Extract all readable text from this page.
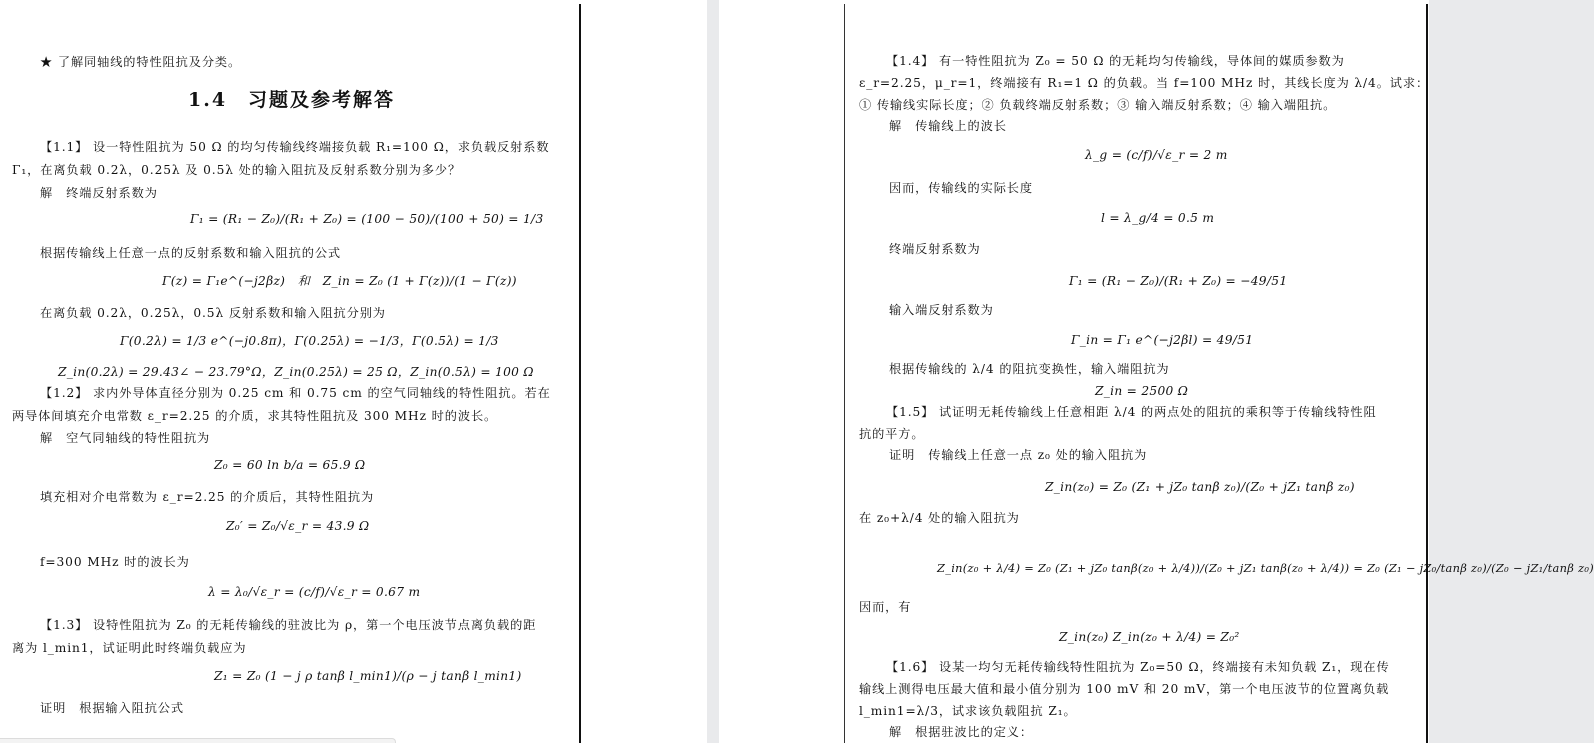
★ 了解同轴线的特性阻抗及分类。
1.4　习题及参考解答
【1.1】 设一特性阻抗为 50 Ω 的均匀传输线终端接负载 R₁=100 Ω，求负载反射系数
Γ₁，在离负载 0.2λ，0.25λ 及 0.5λ 处的输入阻抗及反射系数分别为多少？
解　终端反射系数为
Γ₁ = (R₁ − Z₀)/(R₁ + Z₀) = (100 − 50)/(100 + 50) = 1/3
根据传输线上任意一点的反射系数和输入阻抗的公式
Γ(z) = Γ₁e^(−j2βz)　和　Z_in = Z₀ (1 + Γ(z))/(1 − Γ(z))
在离负载 0.2λ，0.25λ，0.5λ 反射系数和输入阻抗分别为
Γ(0.2λ) = 1/3 e^(−j0.8π)，Γ(0.25λ) = −1/3，Γ(0.5λ) = 1/3
Z_in(0.2λ) = 29.43∠ − 23.79°Ω，Z_in(0.25λ) = 25 Ω，Z_in(0.5λ) = 100 Ω
【1.2】 求内外导体直径分别为 0.25 cm 和 0.75 cm 的空气同轴线的特性阻抗。若在
两导体间填充介电常数 ε_r=2.25 的介质，求其特性阻抗及 300 MHz 时的波长。
解　空气同轴线的特性阻抗为
Z₀ = 60 ln b/a = 65.9 Ω
填充相对介电常数为 ε_r=2.25 的介质后，其特性阻抗为
Z₀′ = Z₀/√ε_r = 43.9 Ω
f=300 MHz 时的波长为
λ = λ₀/√ε_r = (c/f)/√ε_r = 0.67 m
【1.3】 设特性阻抗为 Z₀ 的无耗传输线的驻波比为 ρ，第一个电压波节点离负载的距
离为 l_min1，试证明此时终端负载应为
Z₁ = Z₀ (1 − j ρ tanβ l_min1)/(ρ − j tanβ l_min1)
证明　根据输入阻抗公式
【1.4】 有一特性阻抗为 Z₀ = 50 Ω 的无耗均匀传输线，导体间的媒质参数为
ε_r=2.25，μ_r=1，终端接有 R₁=1 Ω 的负载。当 f=100 MHz 时，其线长度为 λ/4。试求：
① 传输线实际长度；② 负载终端反射系数；③ 输入端反射系数；④ 输入端阻抗。
解　传输线上的波长
λ_g = (c/f)/√ε_r = 2 m
因而，传输线的实际长度
l = λ_g/4 = 0.5 m
终端反射系数为
Γ₁ = (R₁ − Z₀)/(R₁ + Z₀) = −49/51
输入端反射系数为
Γ_in = Γ₁ e^(−j2βl) = 49/51
根据传输线的 λ/4 的阻抗变换性，输入端阻抗为
Z_in = 2500 Ω
【1.5】 试证明无耗传输线上任意相距 λ/4 的两点处的阻抗的乘积等于传输线特性阻
抗的平方。
证明　传输线上任意一点 z₀ 处的输入阻抗为
Z_in(z₀) = Z₀ (Z₁ + jZ₀ tanβ z₀)/(Z₀ + jZ₁ tanβ z₀)
在 z₀+λ/4 处的输入阻抗为
Z_in(z₀ + λ/4) = Z₀ (Z₁ + jZ₀ tanβ(z₀ + λ/4))/(Z₀ + jZ₁ tanβ(z₀ + λ/4)) = Z₀ (Z₁ − jZ₀/tanβ z₀)/(Z₀ − jZ₁/tanβ z₀)
因而，有
Z_in(z₀) Z_in(z₀ + λ/4) = Z₀²
【1.6】 设某一均匀无耗传输线特性阻抗为 Z₀=50 Ω，终端接有未知负载 Z₁，现在传
输线上测得电压最大值和最小值分别为 100 mV 和 20 mV，第一个电压波节的位置离负载
l_min1=λ/3，试求该负载阻抗 Z₁。
解　根据驻波比的定义：
